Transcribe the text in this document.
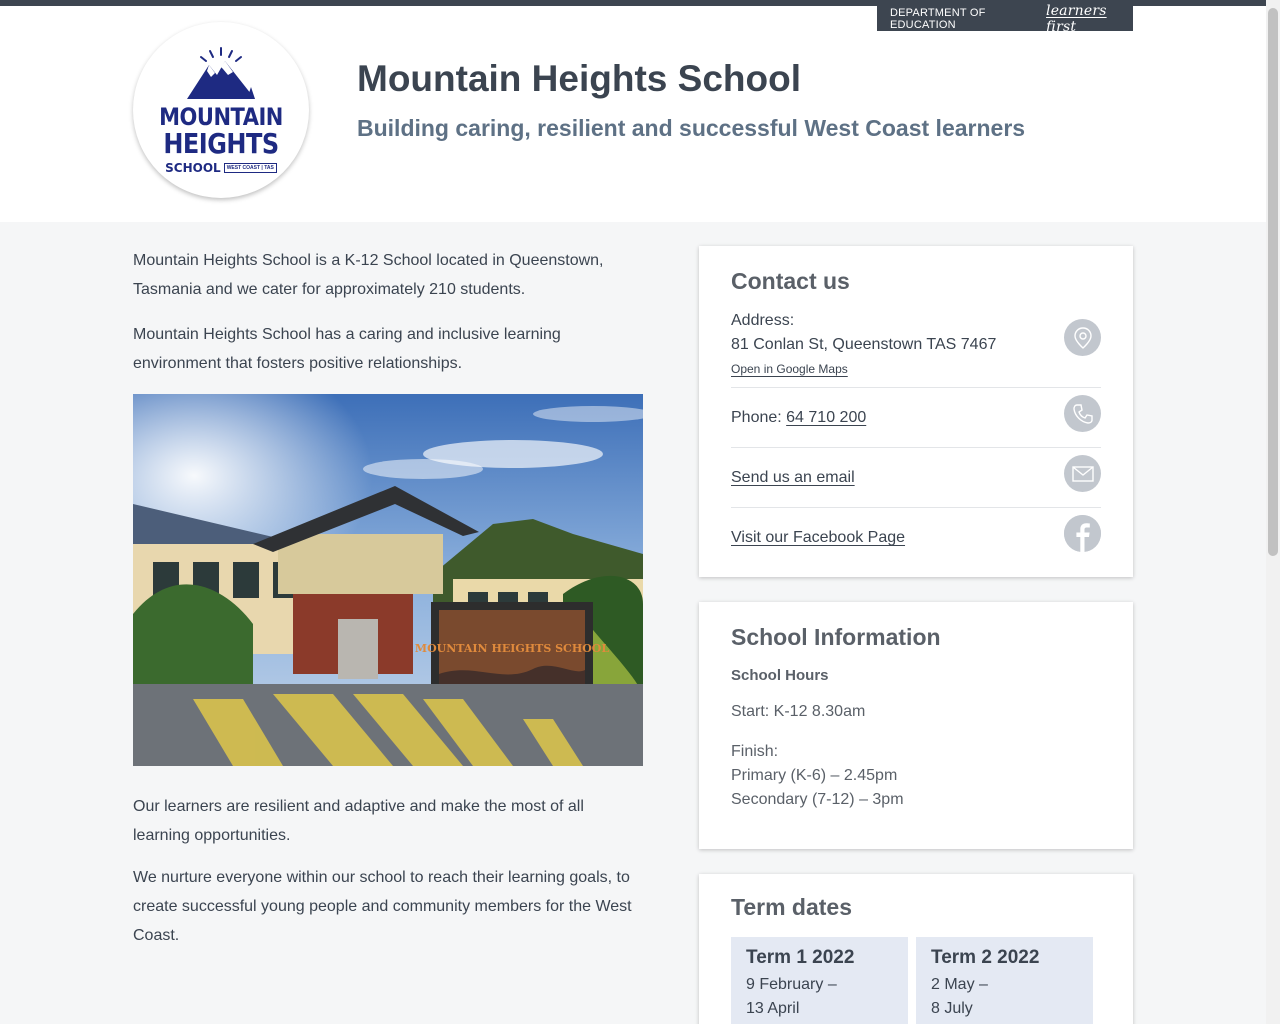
MOUNTAIN
HEIGHTS
SCHOOL	WEST COAST | TAS
Mountain Heights School
Building caring, resilient and successful West Coast learners
DEPARTMENT OF EDUCATION
learners first

Mountain Heights School is a K-12 School located in Queenstown, Tasmania and we cater for approximately 210 students.

Mountain Heights School has a caring and inclusive learning environment that fosters positive relationships.

MOUNTAIN HEIGHTS SCHOOL

Our learners are resilient and adaptive and make the most of all learning opportunities.

We nurture everyone within our school to reach their learning goals, to create successful young people and community members for the West Coast.

Contact us
Address:
81 Conlan St, Queenstown TAS 7467
Open in Google Maps
Phone: 64 710 200
Send us an email
Visit our Facebook Page
School Information
School Hours
Start: K-12 8.30am
Finish:
Primary (K-6) – 2.45pm
Secondary (7-12) – 3pm
Term dates
Term 1 2022
9 February –
13 April
Term 2 2022
2 May –
8 July
